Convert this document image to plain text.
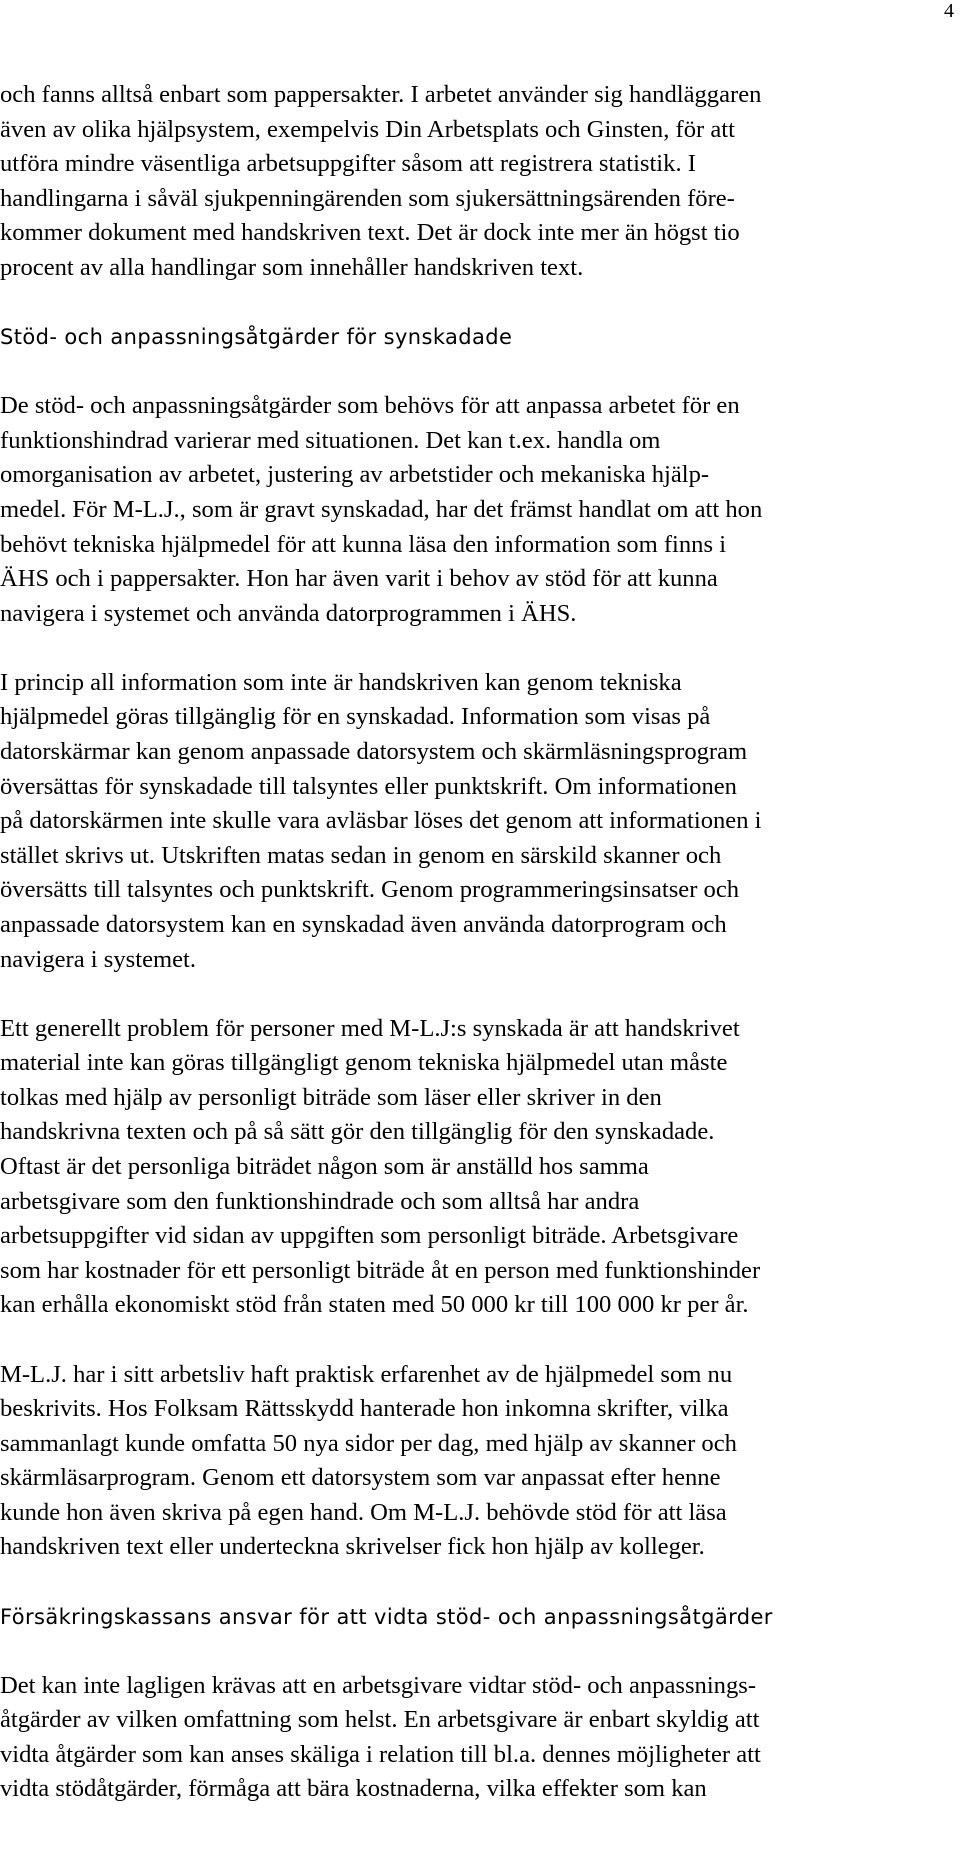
4
och fanns alltså enbart som pappersakter. I arbetet använder sig handläggaren
även av olika hjälpsystem, exempelvis Din Arbetsplats och Ginsten, för att
utföra mindre väsentliga arbetsuppgifter såsom att registrera statistik. I
handlingarna i såväl sjukpenningärenden som sjukersättningsärenden före-
kommer dokument med handskriven text. Det är dock inte mer än högst tio
procent av alla handlingar som innehåller handskriven text.
Stöd- och anpassningsåtgärder för synskadade
De stöd- och anpassningsåtgärder som behövs för att anpassa arbetet för en
funktionshindrad varierar med situationen. Det kan t.ex. handla om
omorganisation av arbetet, justering av arbetstider och mekaniska hjälp-
medel. För M-L.J., som är gravt synskadad, har det främst handlat om att hon
behövt tekniska hjälpmedel för att kunna läsa den information som finns i
ÄHS och i pappersakter. Hon har även varit i behov av stöd för att kunna
navigera i systemet och använda datorprogrammen i ÄHS.
I princip all information som inte är handskriven kan genom tekniska
hjälpmedel göras tillgänglig för en synskadad. Information som visas på
datorskärmar kan genom anpassade datorsystem och skärmläsningsprogram
översättas för synskadade till talsyntes eller punktskrift. Om informationen
på datorskärmen inte skulle vara avläsbar löses det genom att informationen i
stället skrivs ut. Utskriften matas sedan in genom en särskild skanner och
översätts till talsyntes och punktskrift. Genom programmeringsinsatser och
anpassade datorsystem kan en synskadad även använda datorprogram och
navigera i systemet.
Ett generellt problem för personer med M-L.J:s synskada är att handskrivet
material inte kan göras tillgängligt genom tekniska hjälpmedel utan måste
tolkas med hjälp av personligt biträde som läser eller skriver in den
handskrivna texten och på så sätt gör den tillgänglig för den synskadade.
Oftast är det personliga biträdet någon som är anställd hos samma
arbetsgivare som den funktionshindrade och som alltså har andra
arbetsuppgifter vid sidan av uppgiften som personligt biträde. Arbetsgivare
som har kostnader för ett personligt biträde åt en person med funktionshinder
kan erhålla ekonomiskt stöd från staten med 50 000 kr till 100 000 kr per år.
M-L.J. har i sitt arbetsliv haft praktisk erfarenhet av de hjälpmedel som nu
beskrivits. Hos Folksam Rättsskydd hanterade hon inkomna skrifter, vilka
sammanlagt kunde omfatta 50 nya sidor per dag, med hjälp av skanner och
skärmläsarprogram. Genom ett datorsystem som var anpassat efter henne
kunde hon även skriva på egen hand. Om M-L.J. behövde stöd för att läsa
handskriven text eller underteckna skrivelser fick hon hjälp av kolleger.
Försäkringskassans ansvar för att vidta stöd- och anpassningsåtgärder
Det kan inte lagligen krävas att en arbetsgivare vidtar stöd- och anpassnings-
åtgärder av vilken omfattning som helst. En arbetsgivare är enbart skyldig att
vidta åtgärder som kan anses skäliga i relation till bl.a. dennes möjligheter att
vidta stödåtgärder, förmåga att bära kostnaderna, vilka effekter som kan
